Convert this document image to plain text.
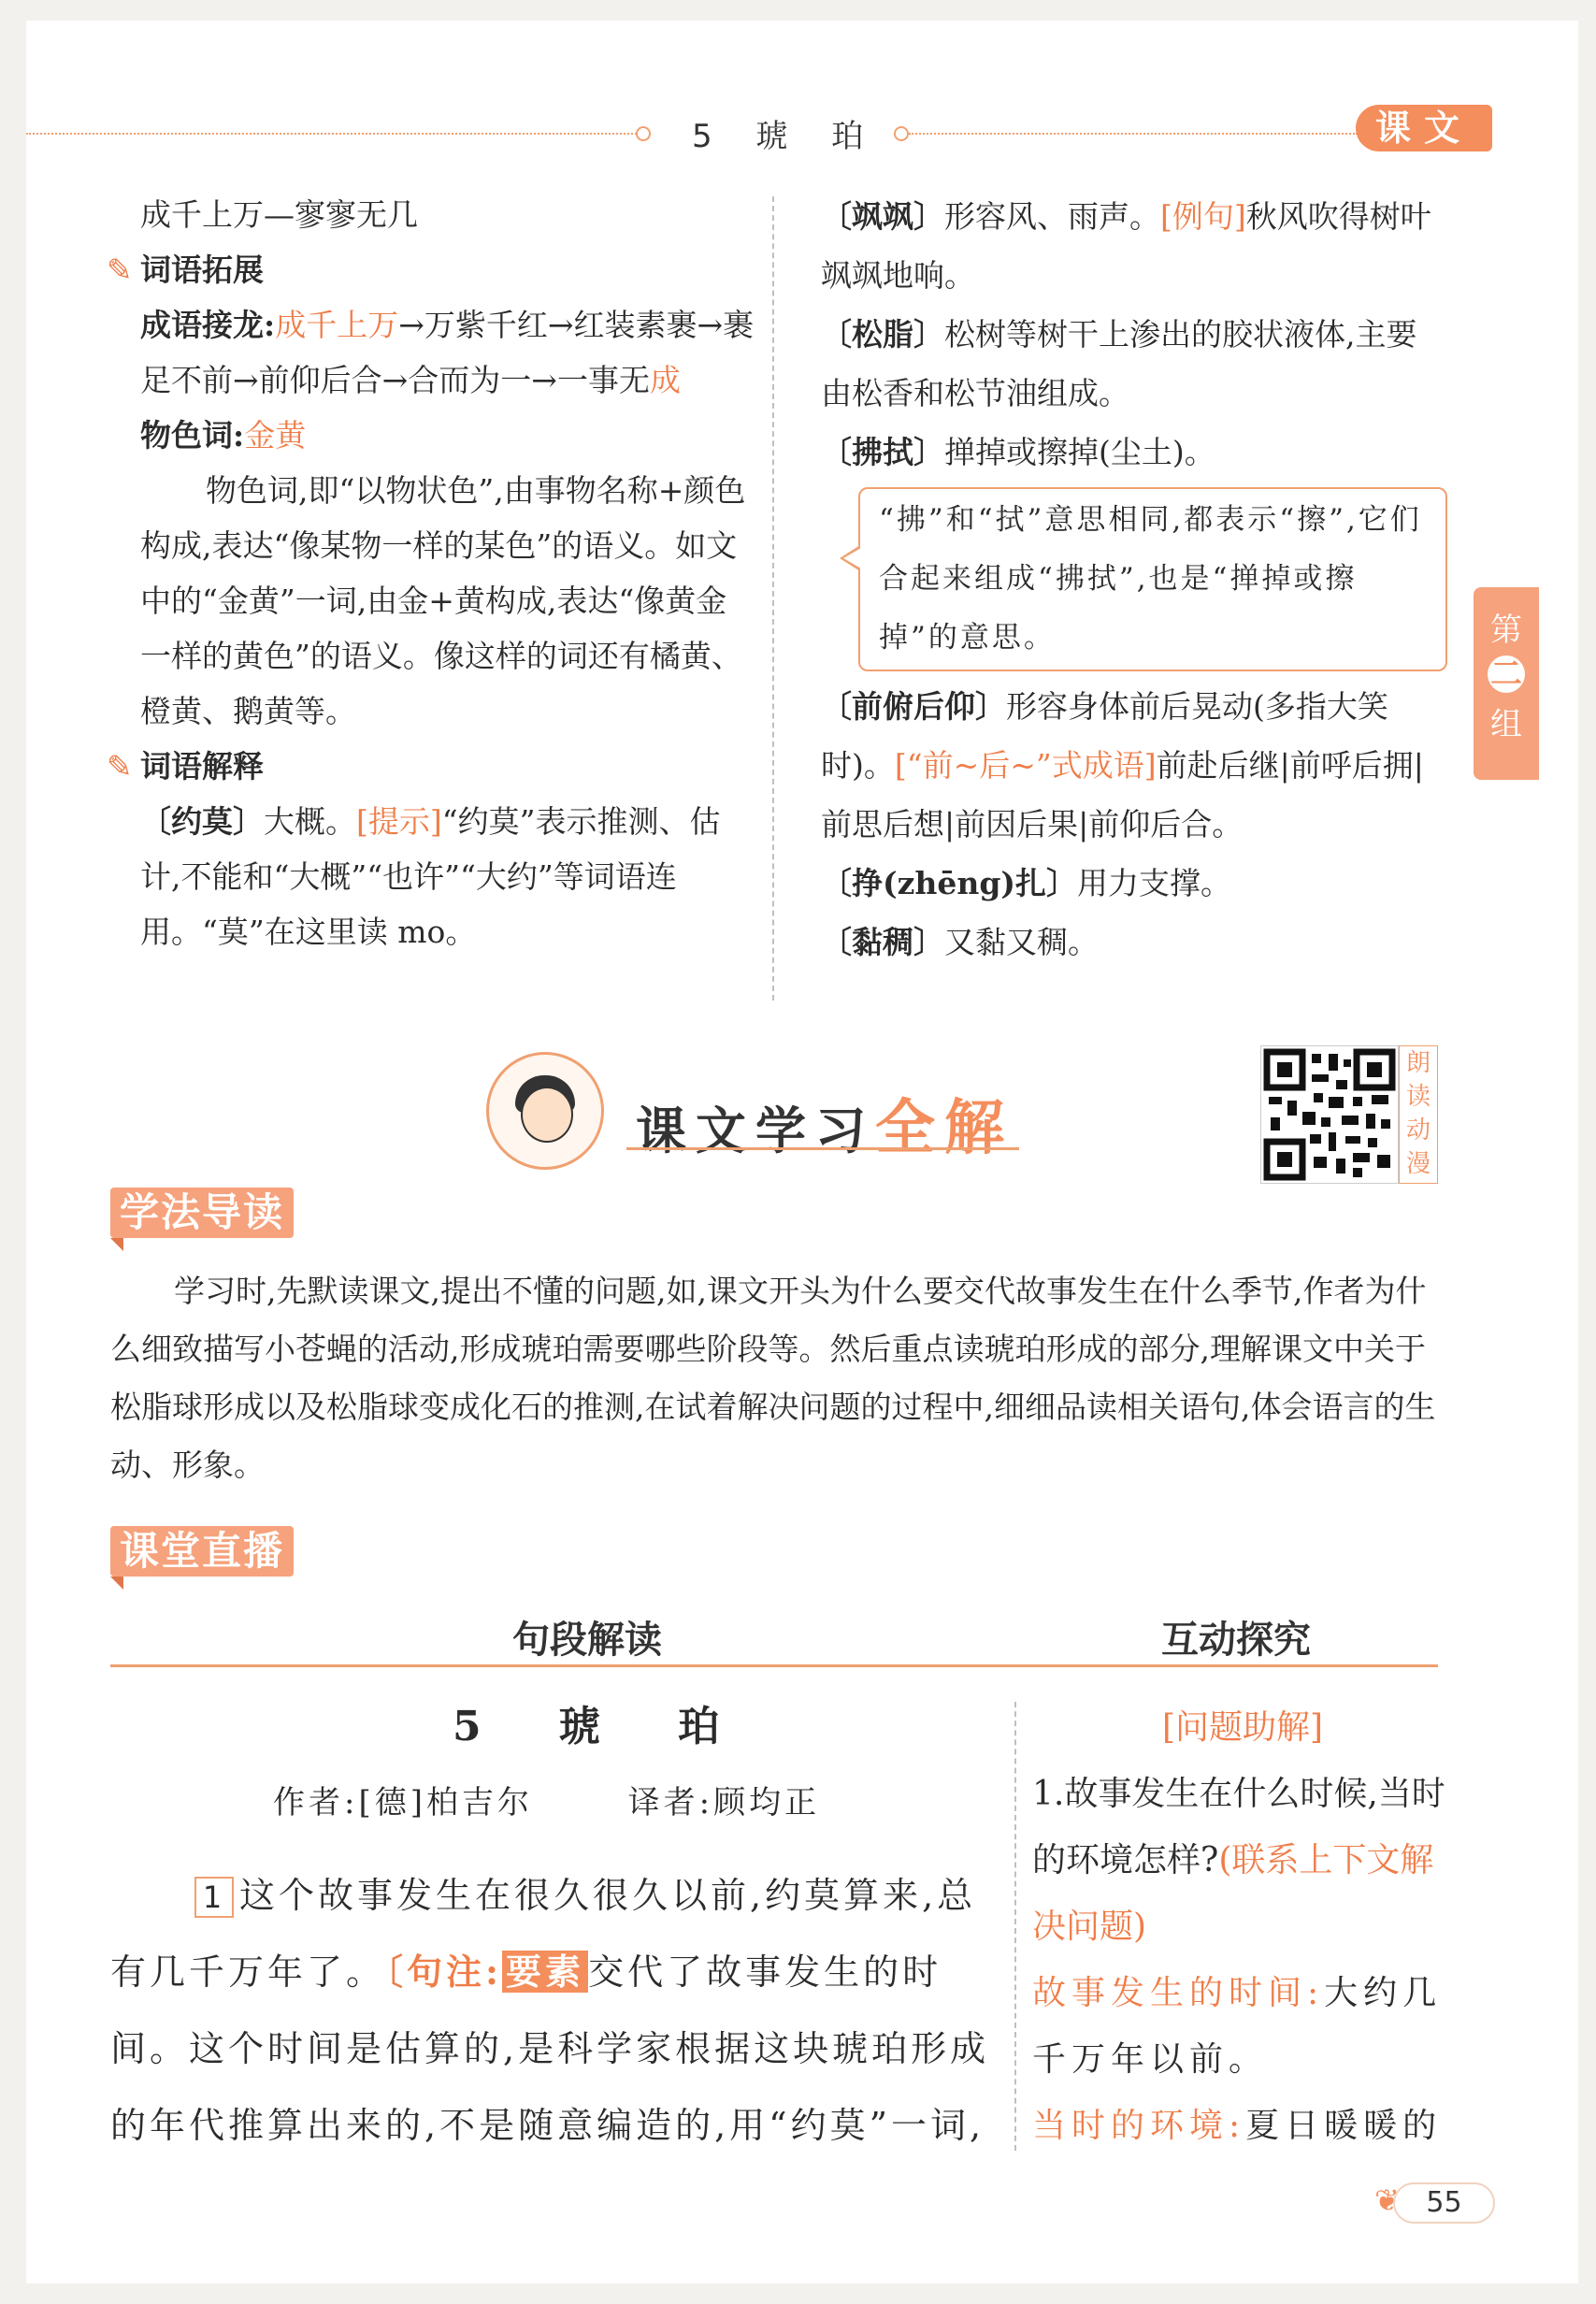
5 琥 珀	课文
第
二
组
成千上万—寥寥无几
✎ 词语拓展
成语接龙:成千上万→万紫千红→红装素裹→裹足不前→前仰后合→合而为一→一事无成
物色词:金黄
物色词,即“以物状色”,由事物名称+颜色构成,表达“像某物一样的某色”的语义。如文中的“金黄”一词,由金+黄构成,表达“像黄金一样的黄色”的语义。像这样的词还有橘黄、橙黄、鹅黄等。
✎ 词语解释
〔约莫〕大概。[提示]“约莫”表示推测、估计,不能和“大概”“也许”“大约”等词语连用。“莫”在这里读 mo。
〔飒飒〕形容风、雨声。[例句]秋风吹得树叶飒飒地响。
〔松脂〕松树等树干上渗出的胶状液体,主要由松香和松节油组成。
〔拂拭〕掸掉或擦掉(尘土)。
“拂”和“拭”意思相同,都表示“擦”,它们合起来组成“拂拭”,也是“掸掉或擦掉”的意思。
〔前俯后仰〕形容身体前后晃动(多指大笑时)。[“前~后~”式成语]前赴后继|前呼后拥|前思后想|前因后果|前仰后合。
〔挣(zhēng)扎〕用力支撑。
〔黏稠〕又黏又稠。
课文学习全解
朗读动漫
学法导读
学习时,先默读课文,提出不懂的问题,如,课文开头为什么要交代故事发生在什么季节,作者为什么细致描写小苍蝇的活动,形成琥珀需要哪些阶段等。然后重点读琥珀形成的部分,理解课文中关于松脂球形成以及松脂球变成化石的推测,在试着解决问题的过程中,细细品读相关语句,体会语言的生动、形象。
课堂直播
句段解读	互动探究
5 琥 珀
作者:[德]柏吉尔	译者:顾均正
1 这个故事发生在很久很久以前,约莫算来,总有几千万年了。〔句注: 要素 交代了故事发生的时间。这个时间是估算的,是科学家根据这块琥珀形成的年代推算出来的,不是随意编造的,用“约莫”一词,
[问题助解]
1.故事发生在什么时候,当时的环境怎样?(联系上下文解决问题)
故事发生的时间:大约几千万年以前。
当时的环境:夏日暖暖的
❦ 55
